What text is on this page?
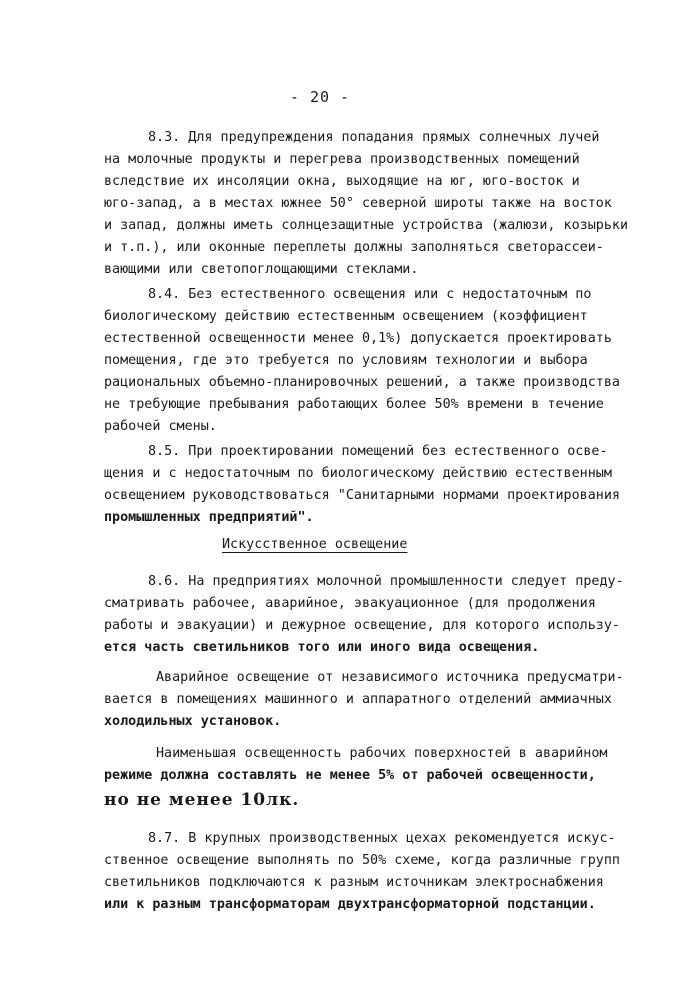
- 20 -
8.3. Для предупреждения попадания прямых солнечных лучей
на молочные продукты и перегрева производственных помещений
вследствие их инсоляции окна, выходящие на юг, юго-восток и
юго-запад, а в местах южнее 50° северной широты также на восток
и запад, должны иметь солнцезащитные устройства (жалюзи, козырьки
и т.п.), или оконные переплеты должны заполняться светорассеи-
вающими или светопоглощающими стеклами.
8.4. Без естественного освещения или с недостаточным по
биологическому действию естественным освещением (коэффициент
естественной освещенности менее 0,1%) допускается проектировать
помещения, где это требуется по условиям технологии и выбора
рациональных объемно-планировочных решений, а также производства
не требующие пребывания работающих более 50% времени в течение
рабочей смены.
8.5. При проектировании помещений без естественного осве-
щения и с недостаточным по биологическому действию естественным
освещением руководствоваться "Санитарными нормами проектирования
промышленных предприятий".
Искусственное освещение
8.6. На предприятиях молочной промышленности следует преду-
сматривать рабочее, аварийное, эвакуационное (для продолжения
работы и эвакуации) и дежурное освещение, для которого использу-
ется часть светильников того или иного вида освещения.
Аварийное освещение от независимого источника предусматри-
вается в помещениях машинного и аппаратного отделений аммиачных
холодильных установок.
Наименьшая освещенность рабочих поверхностей в аварийном
режиме должна составлять не менее 5% от рабочей освещенности,
но не менее 10лк.
8.7. В крупных производственных цехах рекомендуется искус-
ственное освещение выполнять по 50% схеме, когда различные групп
светильников подключаются к разным источникам электроснабжения
или к разным трансформаторам двухтрансформаторной подстанции.
